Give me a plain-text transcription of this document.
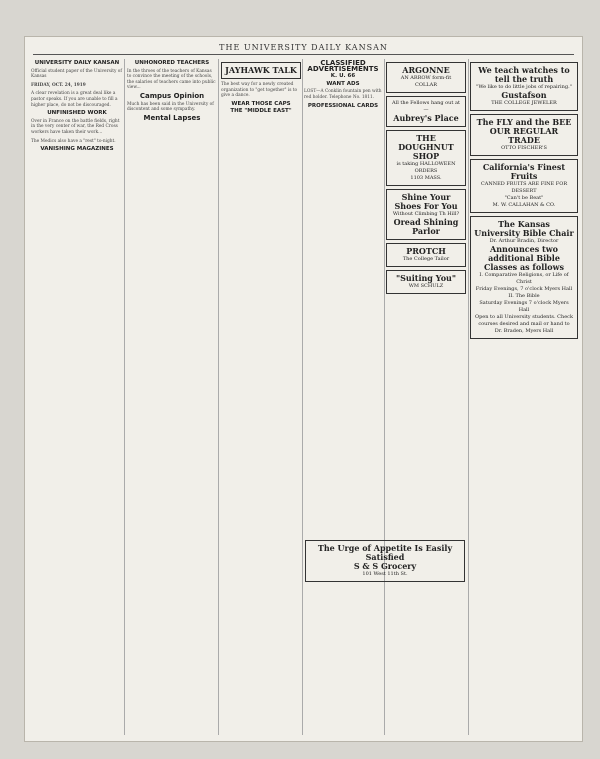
THE UNIVERSITY DAILY KANSAN
UNIVERSITY DAILY KANSAN
Official student paper of the University of Kansas
FRIDAY, OCT. 24, 1919
A clear revelation is a great deal like a pastor speaks. If you are unable to fill a higher place, do not be discouraged.
UNFINISHED WORK
Over in France on the battle fields, right in the very center of war, the Red Cross workers have taken their work...
The Medics also have a "rest" to-night.
VANISHING MAGAZINES
UNHONORED TEACHERS
In the throes of the teachers of Kansas to convince the meeting of the schools, the salaries of teachers came into public view...
Campus Opinion
Much has been said in the University of discontent and some sympathy.
Mental Lapses
JAYHAWK TALK
The best way for a newly created organization to "get together" is to give a dance.
WEAR THOSE CAPS
THE "MIDDLE EAST"
CLASSIFIED ADVERTISEMENTS
K. U. 66
WANT ADS
LOST—A Conklin fountain pen with red holder. Telephone No. 1811.
PROFESSIONAL CARDS
ARGONNE
AN ARROW form-fit COLLAR
All the Fellows hang out at—
Aubrey's Place
THE DOUGHNUT SHOP
is taking HALLOWEEN ORDERS
1103 MASS.
Shine Your Shoes For You
Without Climbing Th Hill?
Oread Shining Parlor
PROTCH
The College Tailor
"Suiting You"
WM SCHULZ
We teach watches to tell the truth
"We like to do little jobs of repairing."
Gustafson
THE COLLEGE JEWELER
The FLY and the BEE
OUR REGULAR TRADE
OTTO FISCHER'S
California's Finest Fruits
CANNED FRUITS ARE FINE FOR DESSERT
"Can't be Beat"
M. W. CALLAHAN & CO.
The Kansas University Bible Chair
Dr. Arthur Bradin, Director
Announces two additional Bible Classes as follows
I. Comparative Religions, or Life of Christ
Friday Evenings, 7 o'clock Myers Hall
II. The Bible
Saturday Evenings 7 o'clock Myers Hall
Open to all University students. Check courses desired and mail or hand to Dr. Braden, Myers Hall
The Urge of Appetite Is Easily Satisfied
S & S Grocery
101 West 11th St.
